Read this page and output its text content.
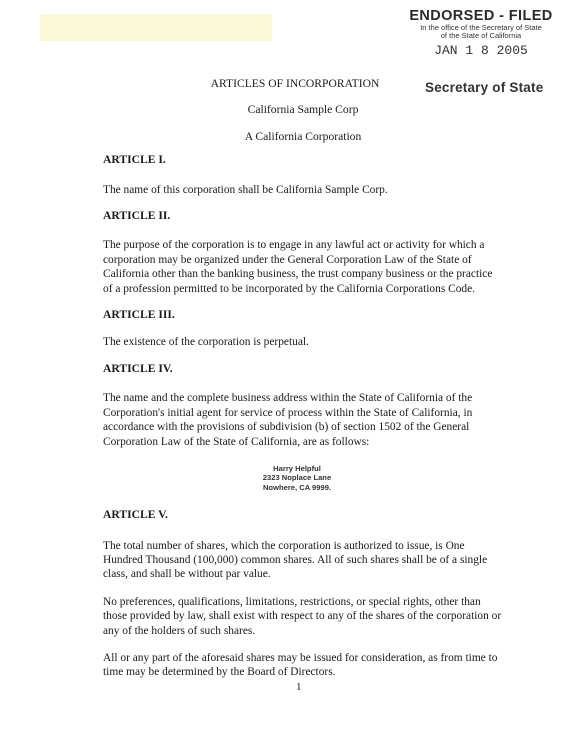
ENDORSED - FILED
In the office of the Secretary of State
of the State of California
JAN 1 8 2005
Secretary of State

ARTICLES OF INCORPORATION

California Sample Corp

A California Corporation

ARTICLE I.

The name of this corporation shall be California Sample Corp.

ARTICLE II.

The purpose of the corporation is to engage in any lawful act or activity for which a corporation may be organized under the General Corporation Law of the State of California other than the banking business, the trust company business or the practice of a profession permitted to be incorporated by the California Corporations Code.

ARTICLE III.

The existence of the corporation is perpetual.

ARTICLE IV.

The name and the complete business address within the State of California of the Corporation's initial agent for service of process within the State of California, in accordance with the provisions of subdivision (b) of section 1502 of the General Corporation Law of the State of California, are as follows:

Harry Helpful

2323 Noplace Lane

Nowhere, CA 9999.

ARTICLE V.

The total number of shares, which the corporation is authorized to issue, is One Hundred Thousand (100,000) common shares. All of such shares shall be of a single class, and shall be without par value.

No preferences, qualifications, limitations, restrictions, or special rights, other than those provided by law, shall exist with respect to any of the shares of the corporation or any of the holders of such shares.

All or any part of the aforesaid shares may be issued for consideration, as from time to time may be determined by the Board of Directors.

1
